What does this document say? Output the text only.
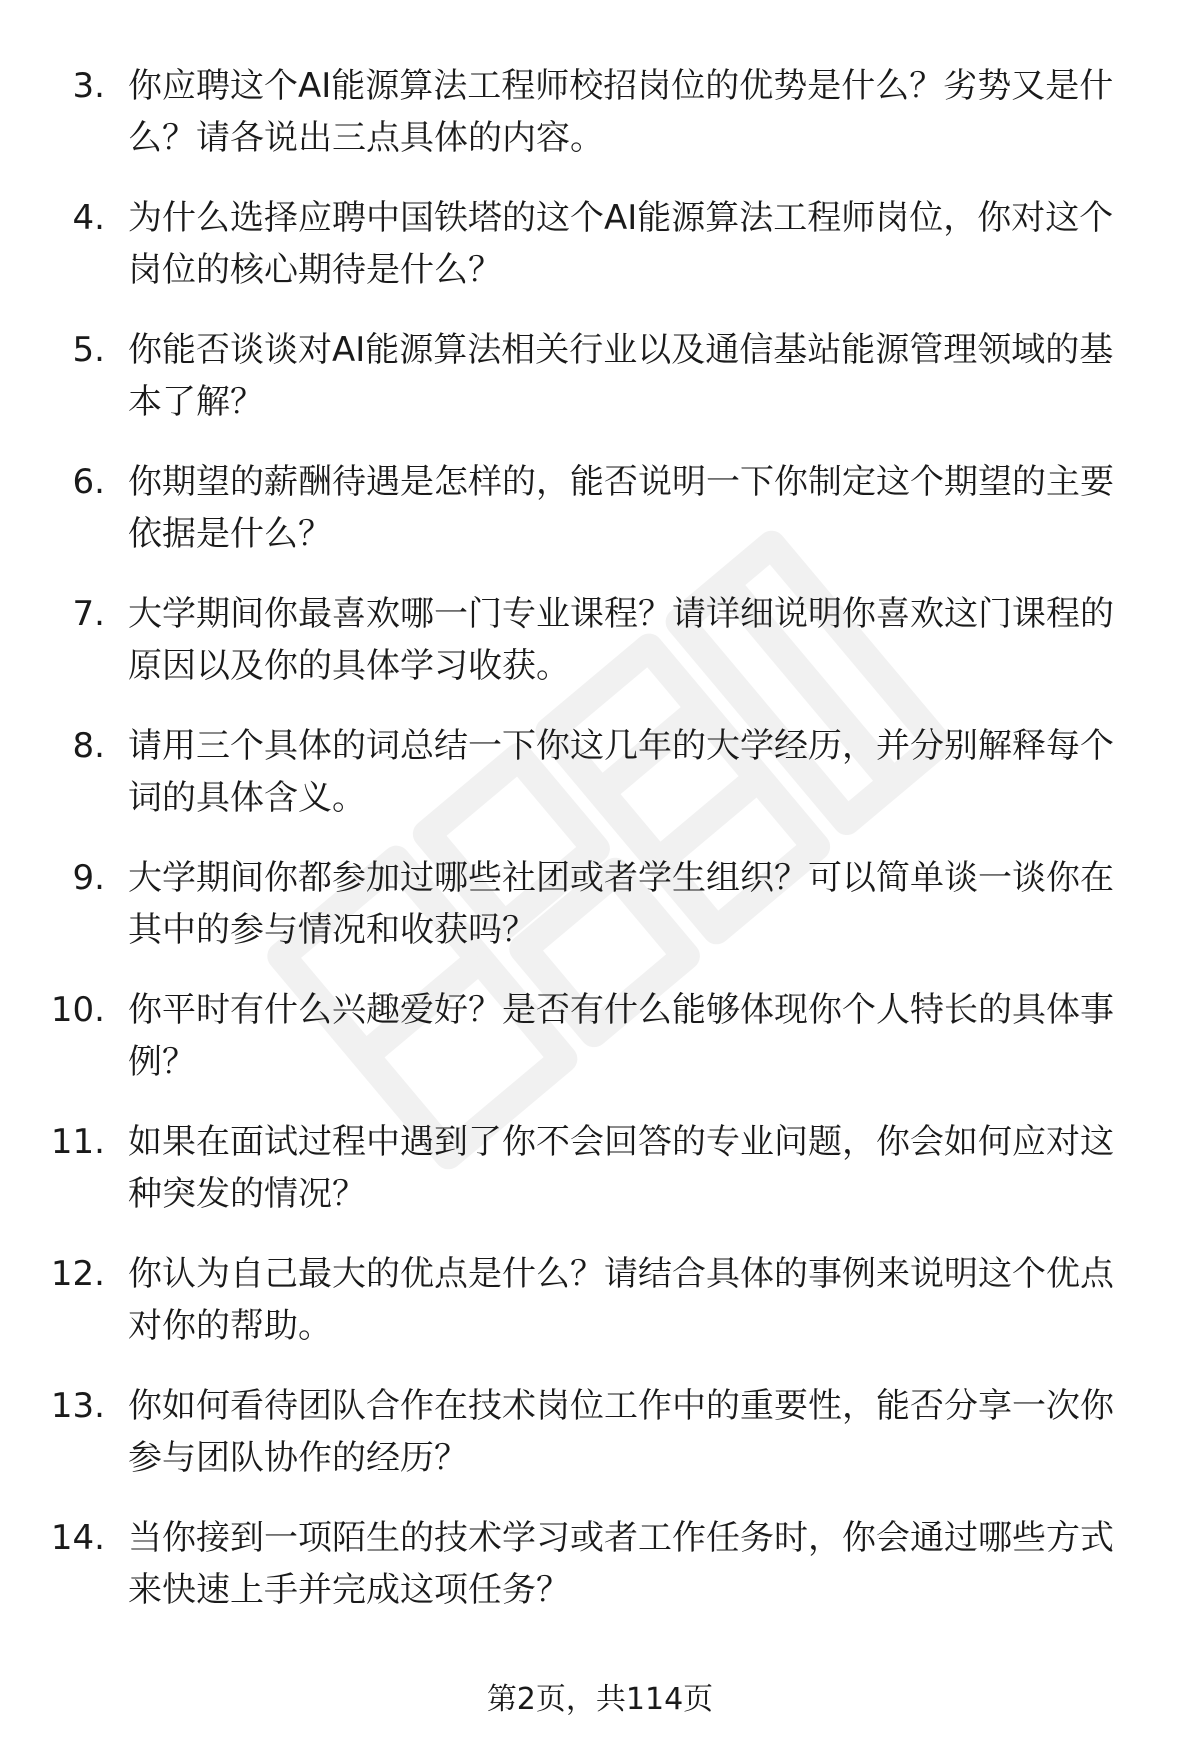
3. 你应聘这个AI能源算法工程师校招岗位的优势是什么？劣势又是什么？请各说出三点具体的内容。
4. 为什么选择应聘中国铁塔的这个AI能源算法工程师岗位，你对这个岗位的核心期待是什么？
5. 你能否谈谈对AI能源算法相关行业以及通信基站能源管理领域的基本了解？
6. 你期望的薪酬待遇是怎样的，能否说明一下你制定这个期望的主要依据是什么？
7. 大学期间你最喜欢哪一门专业课程？请详细说明你喜欢这门课程的原因以及你的具体学习收获。
8. 请用三个具体的词总结一下你这几年的大学经历，并分别解释每个词的具体含义。
9. 大学期间你都参加过哪些社团或者学生组织？可以简单谈一谈你在其中的参与情况和收获吗？
10. 你平时有什么兴趣爱好？是否有什么能够体现你个人特长的具体事例？
11. 如果在面试过程中遇到了你不会回答的专业问题，你会如何应对这种突发的情况？
12. 你认为自己最大的优点是什么？请结合具体的事例来说明这个优点对你的帮助。
13. 你如何看待团队合作在技术岗位工作中的重要性，能否分享一次你参与团队协作的经历？
14. 当你接到一项陌生的技术学习或者工作任务时，你会通过哪些方式来快速上手并完成这项任务？
第2页，共114页
